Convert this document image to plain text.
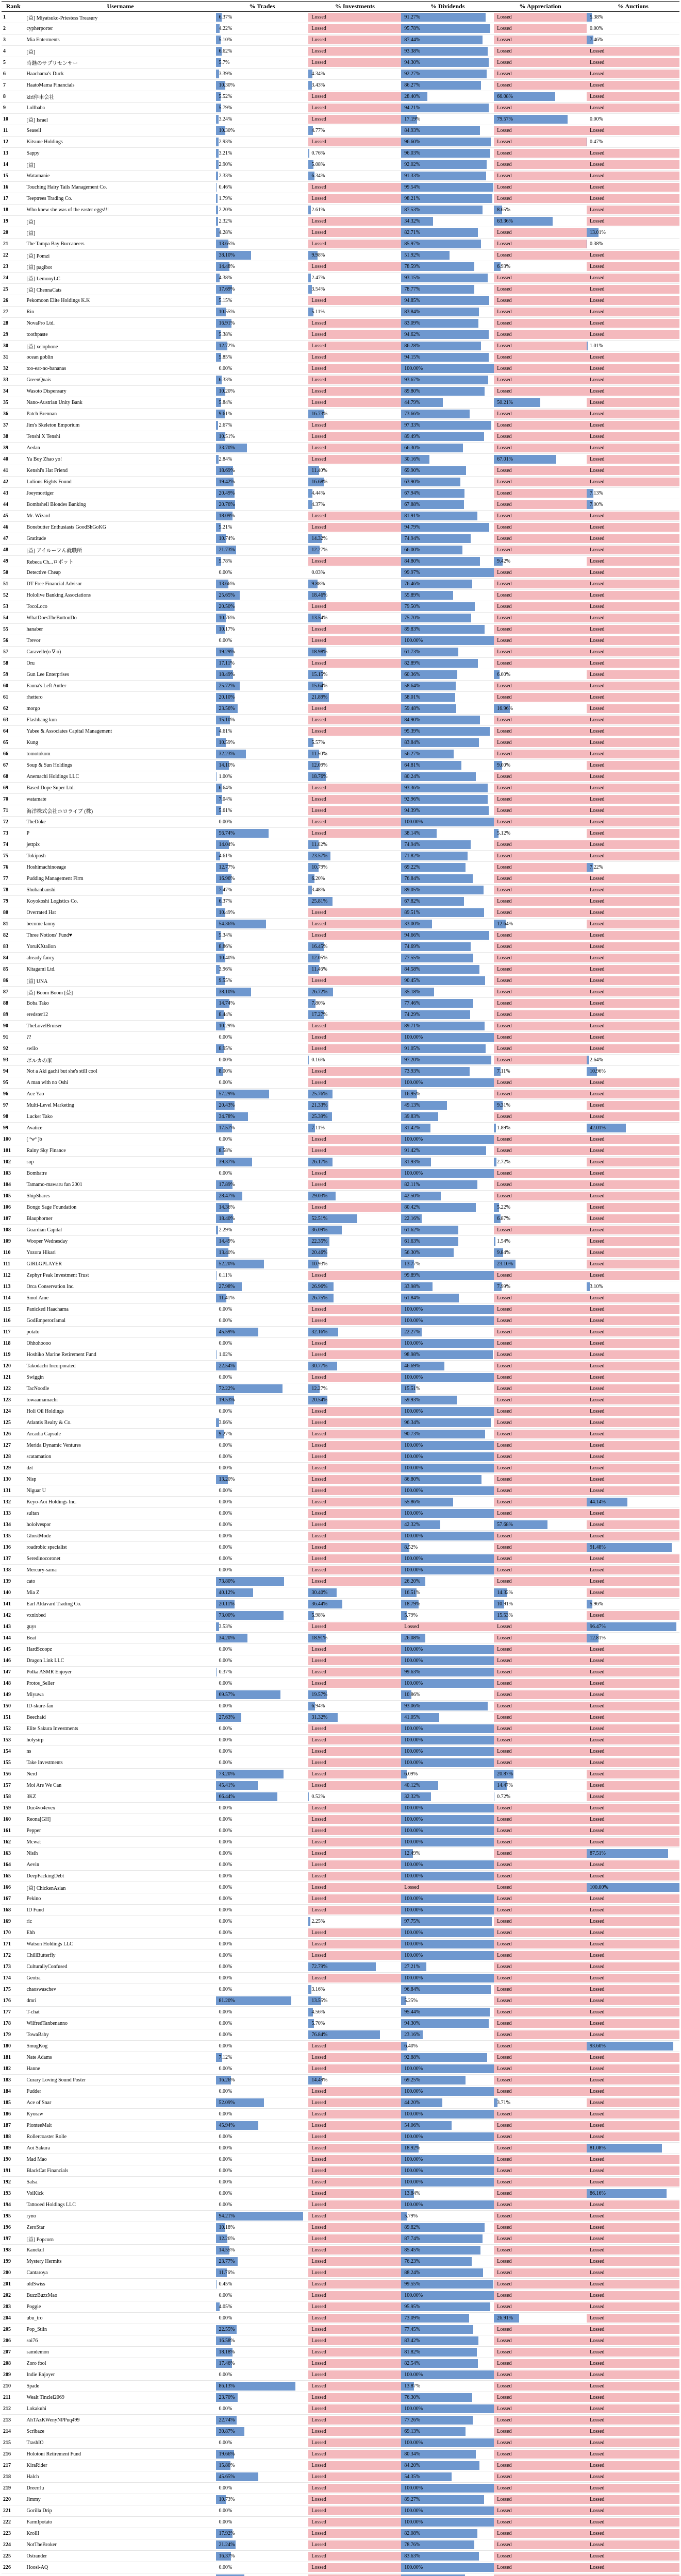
Rank	Username	% Trades	% Investments	% Dividends	% Appreciation	% Auctions
1	[益] Miyatsuko-Priestess Treasury	6.37%	Lossed	91.27%	Lossed	5.38%
2	cypherporter	4.22%	Lossed	95.78%	Lossed	0.00%
3	Mia Enterments	5.10%	Lossed	87.44%	Lossed	7.46%
4	[益]	6.62%	Lossed	93.38%	Lossed	Lossed
5	時継のサプリセンサー	5.7%	Lossed	94.30%	Lossed	Lossed
6	Haachama's Duck	3.39%	4.34%	92.27%	Lossed	Lossed
7	HaatoMama Financials	10.30%	3.43%	86.27%	Lossed	Lossed
8	kiri停車会社	5.52%	Lossed	28.40%	66.08%	Lossed
9	Lollbaba	5.79%	Lossed	94.21%	Lossed	Lossed
10	[益] Israel	3.24%	Lossed	17.19%	79.57%	0.00%
11	Seasell	10.30%	4.77%	84.93%	Lossed	Lossed
12	Kitsune Holdings	2.93%	Lossed	96.60%	Lossed	0.47%
13	Sappy	3.21%	0.76%	96.03%	Lossed	Lossed
14	[益]	2.90%	5.08%	92.02%	Lossed	Lossed
15	Watamanie	2.33%	6.34%	91.33%	Lossed	Lossed
16	Touching Hairy Tails Management Co.	0.46%	Lossed	99.54%	Lossed	Lossed
17	Teeptrees Trading Co.	1.79%	Lossed	98.21%	Lossed	Lossed
18	Who knew she was of the easter eggs!!!	2.20%	2.61%	87.53%	8.65%	Lossed
19	[益]	2.32%	Lossed	34.32%	63.36%	Lossed
20	[益]	4.28%	Lossed	82.71%	Lossed	13.01%
21	The Tampa Bay Buccaneers	13.65%	Lossed	85.97%	Lossed	0.38%
22	[益] Pomzi	38.10%	9.98%	51.92%	Lossed	Lossed
23	[益] pagibot	14.48%	Lossed	78.59%	6.93%	Lossed
24	[益] LemonyLC	4.38%	2.47%	93.15%	Lossed	Lossed
25	[益] ChennaCats	17.69%	3.54%	78.77%	Lossed	Lossed
26	Pekomoon Elite Holdings K.K	5.15%	Lossed	94.85%	Lossed	Lossed
27	Rin	10.55%	5.11%	83.84%	Lossed	Lossed
28	NovaPro Ltd.	16.91%	Lossed	83.09%	Lossed	Lossed
29	toothpaste	5.38%	Lossed	94.62%	Lossed	Lossed
30	[益] xelophone	12.72%	Lossed	86.28%	Lossed	1.01%
31	ocean goblin	5.85%	Lossed	94.15%	Lossed	Lossed
32	too-eat-no-bananas	0.00%	Lossed	100.00%	Lossed	Lossed
33	GreenQuais	6.33%	Lossed	93.67%	Lossed	Lossed
34	Wasoto Dispensary	10.20%	Lossed	89.80%	Lossed	Lossed
35	Nano-Austrian Unity Bank	5.84%	Lossed	44.79%	50.21%	Lossed
36	Patch Brennan	9.61%	16.73%	73.66%	Lossed	Lossed
37	Jim's Skeleton Emporium	2.67%	Lossed	97.33%	Lossed	Lossed
38	Tenshi X Tenshi	10.51%	Lossed	89.49%	Lossed	Lossed
39	Aedan	33.70%	Lossed	66.30%	Lossed	Lossed
40	Ya Boy Zhao yo!	2.84%	Lossed	30.16%	67.01%	Lossed
41	Kenshi's Hat Friend	18.69%	11.40%	69.90%	Lossed	Lossed
42	Lulions Rights Found	19.42%	16.68%	63.90%	Lossed	Lossed
43	Joeymortiger	20.49%	4.44%	67.94%	Lossed	7.13%
44	Bombshell Blondes Banking	20.76%	4.37%	67.88%	Lossed	7.00%
45	Mr. Wizard	18.09%	Lossed	81.91%	Lossed	Lossed
46	Bonebutter Enthusiasts GoodShGoKG	5.21%	Lossed	94.79%	Lossed	Lossed
47	Gratitude	10.74%	14.32%	74.94%	Lossed	Lossed
48	[益] アイルーフん就職所	21.73%	12.27%	66.00%	Lossed	Lossed
49	Rebeca Ch...ロボット	5.78%	Lossed	84.80%	9.42%	Lossed
50	Detective Cheap	0.00%	0.03%	99.97%	Lossed	Lossed
51	DT Free Financial Advisor	13.66%	9.88%	76.46%	Lossed	Lossed
52	Hololive Banking Associations	25.65%	18.46%	55.89%	Lossed	Lossed
53	TocoLoco	20.50%	Lossed	79.50%	Lossed	Lossed
54	WhatDoesTheButtonDo	10.76%	13.54%	75.70%	Lossed	Lossed
55	hanaber	10.17%	Lossed	89.83%	Lossed	Lossed
56	Trevor	0.00%	Lossed	100.00%	Lossed	Lossed
57	Caravelle(o ∇ o)	19.29%	18.98%	61.73%	Lossed	Lossed
58	Oru	17.11%	Lossed	82.89%	Lossed	Lossed
59	Gun Lee Enterprises	18.49%	15.15%	60.36%	6.00%	Lossed
60	Fauna's Left Antler	25.72%	15.64%	58.64%	Lossed	Lossed
61	rhettero	20.10%	21.89%	58.01%	Lossed	Lossed
62	morgo	23.56%	Lossed	59.48%	16.96%	Lossed
63	Flashbang kun	15.10%	Lossed	84.90%	Lossed	Lossed
64	Yabee & Associates Capital Management	4.61%	Lossed	95.39%	Lossed	Lossed
65	Kung	10.59%	5.57%	83.84%	Lossed	Lossed
66	tomotokom	32.23%	11.50%	56.27%	Lossed	Lossed
67	Soup & Sun Holdings	14.10%	12.09%	64.81%	9.00%	Lossed
68	Anemachi Holdings LLC	1.00%	18.76%	80.24%	Lossed	Lossed
69	Based Dope Super Ltd.	6.64%	Lossed	93.36%	Lossed	Lossed
70	watamate	7.04%	Lossed	92.96%	Lossed	Lossed
71	海洋株式会社ホロライブ (株)	5.61%	Lossed	94.39%	Lossed	Lossed
72	TheDöke	0.00%	Lossed	100.00%	Lossed	Lossed
73	P	56.74%	Lossed	38.14%	5.12%	Lossed
74	jettpix	14.04%	11.02%	74.94%	Lossed	Lossed
75	Tokiposh	4.61%	23.57%	71.82%	Lossed	Lossed
76	Hoshimachinoeage	12.77%	10.79%	69.22%	Lossed	7.22%
77	Pudding Management Firm	16.96%	6.20%	76.84%	Lossed	Lossed
78	Shubanbanshi	7.47%	3.48%	89.05%	Lossed	Lossed
79	Koyokoshi Logistics Co.	6.37%	25.81%	67.82%	Lossed	Lossed
80	Overrated Hat	10.49%	Lossed	89.51%	Lossed	Lossed
81	become lanny	54.36%	Lossed	33.00%	12.64%	Lossed
82	Three Notions' Fund♥	5.34%	Lossed	94.66%	Lossed	Lossed
83	YoruKXtallon	8.86%	16.45%	74.69%	Lossed	Lossed
84	already fancy	10.40%	12.05%	77.55%	Lossed	Lossed
85	Kitagami Ltd.	3.96%	11.46%	84.58%	Lossed	Lossed
86	[益] UNA	9.55%	Lossed	90.45%	Lossed	Lossed
87	[益] Boom Boom [益]	38.10%	26.72%	35.18%	Lossed	Lossed
88	Boba Tako	14.74%	7.80%	77.46%	Lossed	Lossed
89	eredster12	8.44%	17.27%	74.29%	Lossed	Lossed
90	TheLovelBruiser	10.29%	Lossed	89.71%	Lossed	Lossed
91	??	0.00%	Lossed	100.00%	Lossed	Lossed
92	swilo	8.95%	Lossed	91.05%	Lossed	Lossed
93	ポルカの家	0.00%	0.16%	97.20%	Lossed	2.64%
94	Not a Aki gachi but she's still cool	8.00%	Lossed	73.93%	7.11%	10.96%
95	A man with no Oshi	0.00%	Lossed	100.00%	Lossed	Lossed
96	Ace Yao	57.29%	25.76%	16.95%	Lossed	Lossed
97	Multi-Level Marketing	20.43%	21.33%	49.13%	9.31%	Lossed
98	Lucker Tako	34.78%	25.39%	39.83%	Lossed	Lossed
99	Avatice	17.57%	7.11%	31.42%	1.89%	42.01%
100	( ºwº )b	0.00%	Lossed	100.00%	Lossed	Lossed
101	Rainy Sky Finance	8.58%	Lossed	91.42%	Lossed	Lossed
102	sup	39.37%	26.17%	31.93%	2.72%	Lossed
103	Bombatre	0.00%	Lossed	100.00%	Lossed	Lossed
104	Tamamo-mawaru fan 2001	17.89%	Lossed	82.11%	Lossed	Lossed
105	ShipShares	28.47%	29.03%	42.50%	Lossed	Lossed
106	Bongo Sage Foundation	14.36%	Lossed	80.42%	5.22%	Lossed
107	Blauphorner	18.40%	52.51%	22.16%	6.87%	Lossed
108	Guardian Capital	2.29%	36.09%	61.62%	Lossed	Lossed
109	Wooper Wednesday	14.49%	22.35%	61.63%	1.54%	Lossed
110	Yozora Hikari	13.40%	20.46%	56.30%	9.84%	Lossed
111	GIRLGPLAYER	52.20%	10.93%	13.77%	23.10%	Lossed
112	Zephyr Peak Investment Trust	0.11%	Lossed	99.89%	Lossed	Lossed
113	Orca Conservation Inc.	27.98%	26.96%	33.98%	7.99%	3.10%
114	Smol Ame	11.41%	26.75%	61.84%	Lossed	Lossed
115	Panicked Haachama	0.00%	Lossed	100.00%	Lossed	Lossed
116	GodEmperorJamal	0.00%	Lossed	100.00%	Lossed	Lossed
117	potato	45.59%	32.16%	22.27%	Lossed	Lossed
118	Ohhohoooo	0.00%	Lossed	100.00%	Lossed	Lossed
119	Hoshiko Marine Retirement Fund	1.02%	Lossed	98.98%	Lossed	Lossed
120	Takodachi Incorporated	22.54%	30.77%	46.69%	Lossed	Lossed
121	Swiggin	0.00%	Lossed	100.00%	Lossed	Lossed
122	TacNoodle	72.22%	12.27%	15.51%	Lossed	Lossed
123	towaamamachi	19.53%	20.54%	59.93%	Lossed	Lossed
124	Holi Oil Holdings	0.00%	Lossed	100.00%	Lossed	Lossed
125	Atlantis Realty & Co.	3.66%	Lossed	96.34%	Lossed	Lossed
126	Arcadia Capsule	9.27%	Lossed	90.73%	Lossed	Lossed
127	Merida Dynamic Ventures	0.00%	Lossed	100.00%	Lossed	Lossed
128	scatamation	0.00%	Lossed	100.00%	Lossed	Lossed
129	dzt	0.00%	Lossed	100.00%	Lossed	Lossed
130	Nisp	13.20%	Lossed	86.80%	Lossed	Lossed
131	Niguar U	0.00%	Lossed	100.00%	Lossed	Lossed
132	Keyo-Aoi Holdings Inc.	0.00%	Lossed	55.86%	Lossed	44.14%
133	sultan	0.00%	Lossed	100.00%	Lossed	Lossed
134	hololvespor	0.00%	Lossed	42.32%	57.68%	Lossed
135	GhostMode	0.00%	Lossed	100.00%	Lossed	Lossed
136	roadrobic specialist	0.00%	Lossed	8.52%	Lossed	91.48%
137	Seredinocoronet	0.00%	Lossed	100.00%	Lossed	Lossed
138	Mercury-sama	0.00%	Lossed	100.00%	Lossed	Lossed
139	cato	73.80%	Lossed	26.20%	Lossed	Lossed
140	Mia Z	40.12%	30.40%	16.51%	14.32%	Lossed
141	Earl Aldavard Trading Co.	20.11%	36.44%	18.79%	10.91%	5.96%
142	vxnixbed	73.00%	5.98%	5.79%	15.53%	Lossed
143	guys	3.53%	Lossed	Lossed	Lossed	96.47%
144	Beat	34.20%	18.91%	26.08%	Lossed	12.81%
145	HardScoopz	0.00%	Lossed	100.00%	Lossed	Lossed
146	Dragon Link LLC	0.00%	Lossed	100.00%	Lossed	Lossed
147	Polka ASMR Enjoyer	0.37%	Lossed	99.63%	Lossed	Lossed
148	Protos_Seller	0.00%	Lossed	100.00%	Lossed	Lossed
149	Miyuwa	69.57%	19.57%	10.86%	Lossed	Lossed
150	ID-skure-fan	0.00%	6.94%	93.06%	Lossed	Lossed
151	Beechaid	27.63%	31.32%	41.05%	Lossed	Lossed
152	Elite Sakura Investments	0.00%	Lossed	100.00%	Lossed	Lossed
153	holysirp	0.00%	Lossed	100.00%	Lossed	Lossed
154	ns	0.00%	Lossed	100.00%	Lossed	Lossed
155	Take Investments	0.00%	Lossed	100.00%	Lossed	Lossed
156	Nerd	73.20%	Lossed	6.09%	20.87%	Lossed
157	Moi Are We Can	45.41%	Lossed	40.12%	14.47%	Lossed
158	3KZ	66.44%	0.52%	32.32%	0.72%	Lossed
159	Duc4vo4evex	0.00%	Lossed	100.00%	Lossed	Lossed
160	Reona[GH]	0.00%	Lossed	100.00%	Lossed	Lossed
161	Pepper	0.00%	Lossed	100.00%	Lossed	Lossed
162	Mcwat	0.00%	Lossed	100.00%	Lossed	Lossed
163	Nisih	0.00%	Lossed	12.49%	Lossed	87.51%
164	Aevin	0.00%	Lossed	100.00%	Lossed	Lossed
165	DeepFackingDebt	0.00%	Lossed	100.00%	Lossed	Lossed
166	[益] ChickenAsian	0.00%	Lossed	Lossed	Lossed	100.00%
167	Pekino	0.00%	Lossed	100.00%	Lossed	Lossed
168	ID Fund	0.00%	Lossed	100.00%	Lossed	Lossed
169	ric	0.00%	2.25%	97.75%	Lossed	Lossed
170	Ehh	0.00%	Lossed	100.00%	Lossed	Lossed
171	Watson Holdings LLC	0.00%	Lossed	100.00%	Lossed	Lossed
172	ChillButterfly	0.00%	Lossed	100.00%	Lossed	Lossed
173	CulturallyConfused	0.00%	72.79%	27.21%	Lossed	Lossed
174	Geotra	0.00%	Lossed	100.00%	Lossed	Lossed
175	chaoswaschev	0.00%	3.16%	96.84%	Lossed	Lossed
176	dmri	81.20%	13.55%	5.25%	Lossed	Lossed
177	T-chat	0.00%	4.56%	95.44%	Lossed	Lossed
178	WilfredTanbenanno	0.00%	5.70%	94.30%	Lossed	Lossed
179	TowaBaby	0.00%	76.84%	23.16%	Lossed	Lossed
180	SmugKog	0.00%	Lossed	6.40%	Lossed	93.60%
181	Nate Adams	7.12%	Lossed	92.88%	Lossed	Lossed
182	Hanne	0.00%	Lossed	100.00%	Lossed	Lossed
183	Curary Loving Sound Poster	16.26%	14.49%	69.25%	Lossed	Lossed
184	Fudder	0.00%	Lossed	100.00%	Lossed	Lossed
185	Ace of Snar	52.09%	Lossed	44.20%	3.71%	Lossed
186	Kyoraw	0.00%	Lossed	100.00%	Lossed	Lossed
187	PionteeMalt	45.94%	Lossed	54.06%	Lossed	Lossed
188	Rollercoaster Rolle	0.00%	Lossed	100.00%	Lossed	Lossed
189	Aoi Sakura	0.00%	Lossed	18.92%	Lossed	81.08%
190	Mad Mao	0.00%	Lossed	100.00%	Lossed	Lossed
191	BlackCat Financials	0.00%	Lossed	100.00%	Lossed	Lossed
192	Salsa	0.00%	Lossed	100.00%	Lossed	Lossed
193	VoiKick	0.00%	Lossed	13.84%	Lossed	86.16%
194	Tattooed Holdings LLC	0.00%	Lossed	100.00%	Lossed	Lossed
195	ryno	94.21%	Lossed	5.79%	Lossed	Lossed
196	ZeroStar	10.18%	Lossed	89.82%	Lossed	Lossed
197	[益] Popcorn	12.26%	Lossed	87.74%	Lossed	Lossed
198	Kanekul	14.55%	Lossed	85.45%	Lossed	Lossed
199	Mystery Hermits	23.77%	Lossed	76.23%	Lossed	Lossed
200	Cantaroya	11.76%	Lossed	88.24%	Lossed	Lossed
201	oldSwiss	0.45%	Lossed	99.55%	Lossed	Lossed
202	BuzzBuzzMao	0.00%	Lossed	100.00%	Lossed	Lossed
203	Poggie	4.05%	Lossed	95.95%	Lossed	Lossed
204	ubu_tro	0.00%	Lossed	73.09%	26.91%	Lossed
205	Pop_Stiin	22.55%	Lossed	77.45%	Lossed	Lossed
206	soi76	16.58%	Lossed	83.42%	Lossed	Lossed
207	samdemon	18.18%	Lossed	81.82%	Lossed	Lossed
208	Zoro fool	17.46%	Lossed	82.54%	Lossed	Lossed
209	Indie Enjoyer	0.00%	Lossed	100.00%	Lossed	Lossed
210	Spade	86.13%	Lossed	13.87%	Lossed	Lossed
211	Wealt Tinzlel2069	23.70%	Lossed	76.30%	Lossed	Lossed
212	Lokakuhi	0.00%	Lossed	100.00%	Lossed	Lossed
213	AhTAzKWenyNPPuq499	22.74%	Lossed	77.26%	Lossed	Lossed
214	Scribaze	30.87%	Lossed	69.13%	Lossed	Lossed
215	TrashIO	0.00%	Lossed	100.00%	Lossed	Lossed
216	Holotoni Retirement Fund	19.66%	Lossed	80.34%	Lossed	Lossed
217	KiraRider	15.80%	Lossed	84.20%	Lossed	Lossed
218	Halch	45.65%	Lossed	54.35%	Lossed	Lossed
219	Dreerrlu	0.00%	Lossed	100.00%	Lossed	Lossed
220	Jimmy	10.73%	Lossed	89.27%	Lossed	Lossed
221	Gorilla Drip	0.00%	Lossed	100.00%	Lossed	Lossed
222	FarmIpotato	0.00%	Lossed	100.00%	Lossed	Lossed
223	KrollI	17.92%	Lossed	82.08%	Lossed	Lossed
224	NotTheBroker	21.24%	Lossed	78.76%	Lossed	Lossed
225	Ostrander	16.37%	Lossed	83.63%	Lossed	Lossed
226	Hoosi-AQ	0.00%	Lossed	100.00%	Lossed	Lossed
